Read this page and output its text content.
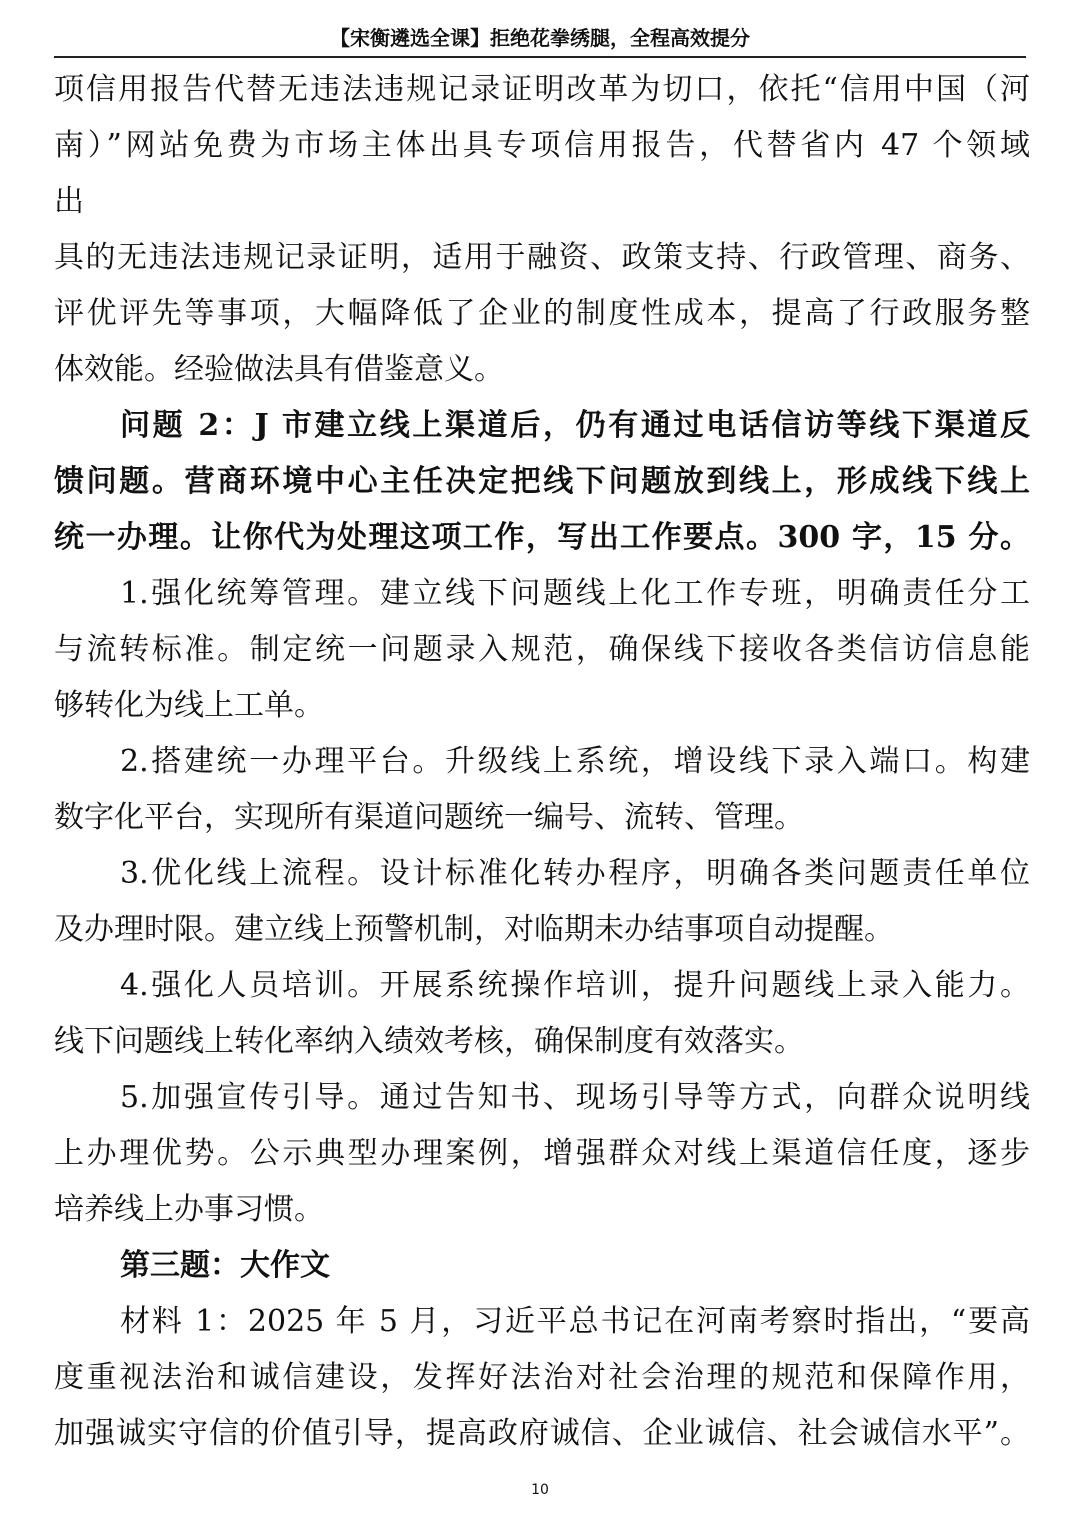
【宋衡遴选全课】拒绝花拳绣腿，全程高效提分
项信用报告代替无违法违规记录证明改革为切口，依托“信用中国（河
南）”网站免费为市场主体出具专项信用报告，代替省内 47 个领域
出
具的无违法违规记录证明，适用于融资、政策支持、行政管理、商务、
评优评先等事项，大幅降低了企业的制度性成本，提高了行政服务整
体效能。经验做法具有借鉴意义。
问题 2：J 市建立线上渠道后，仍有通过电话信访等线下渠道反
馈问题。营商环境中心主任决定把线下问题放到线上，形成线下线上
统一办理。让你代为处理这项工作，写出工作要点。300 字，15 分。
1.强化统筹管理。建立线下问题线上化工作专班，明确责任分工
与流转标准。制定统一问题录入规范，确保线下接收各类信访信息能
够转化为线上工单。
2.搭建统一办理平台。升级线上系统，增设线下录入端口。构建
数字化平台，实现所有渠道问题统一编号、流转、管理。
3.优化线上流程。设计标准化转办程序，明确各类问题责任单位
及办理时限。建立线上预警机制，对临期未办结事项自动提醒。
4.强化人员培训。开展系统操作培训，提升问题线上录入能力。
线下问题线上转化率纳入绩效考核，确保制度有效落实。
5.加强宣传引导。通过告知书、现场引导等方式，向群众说明线
上办理优势。公示典型办理案例，增强群众对线上渠道信任度，逐步
培养线上办事习惯。
第三题：大作文
材料 1：2025 年 5 月，习近平总书记在河南考察时指出，“要高
度重视法治和诚信建设，发挥好法治对社会治理的规范和保障作用，
加强诚实守信的价值引导，提高政府诚信、企业诚信、社会诚信水平”。
10
